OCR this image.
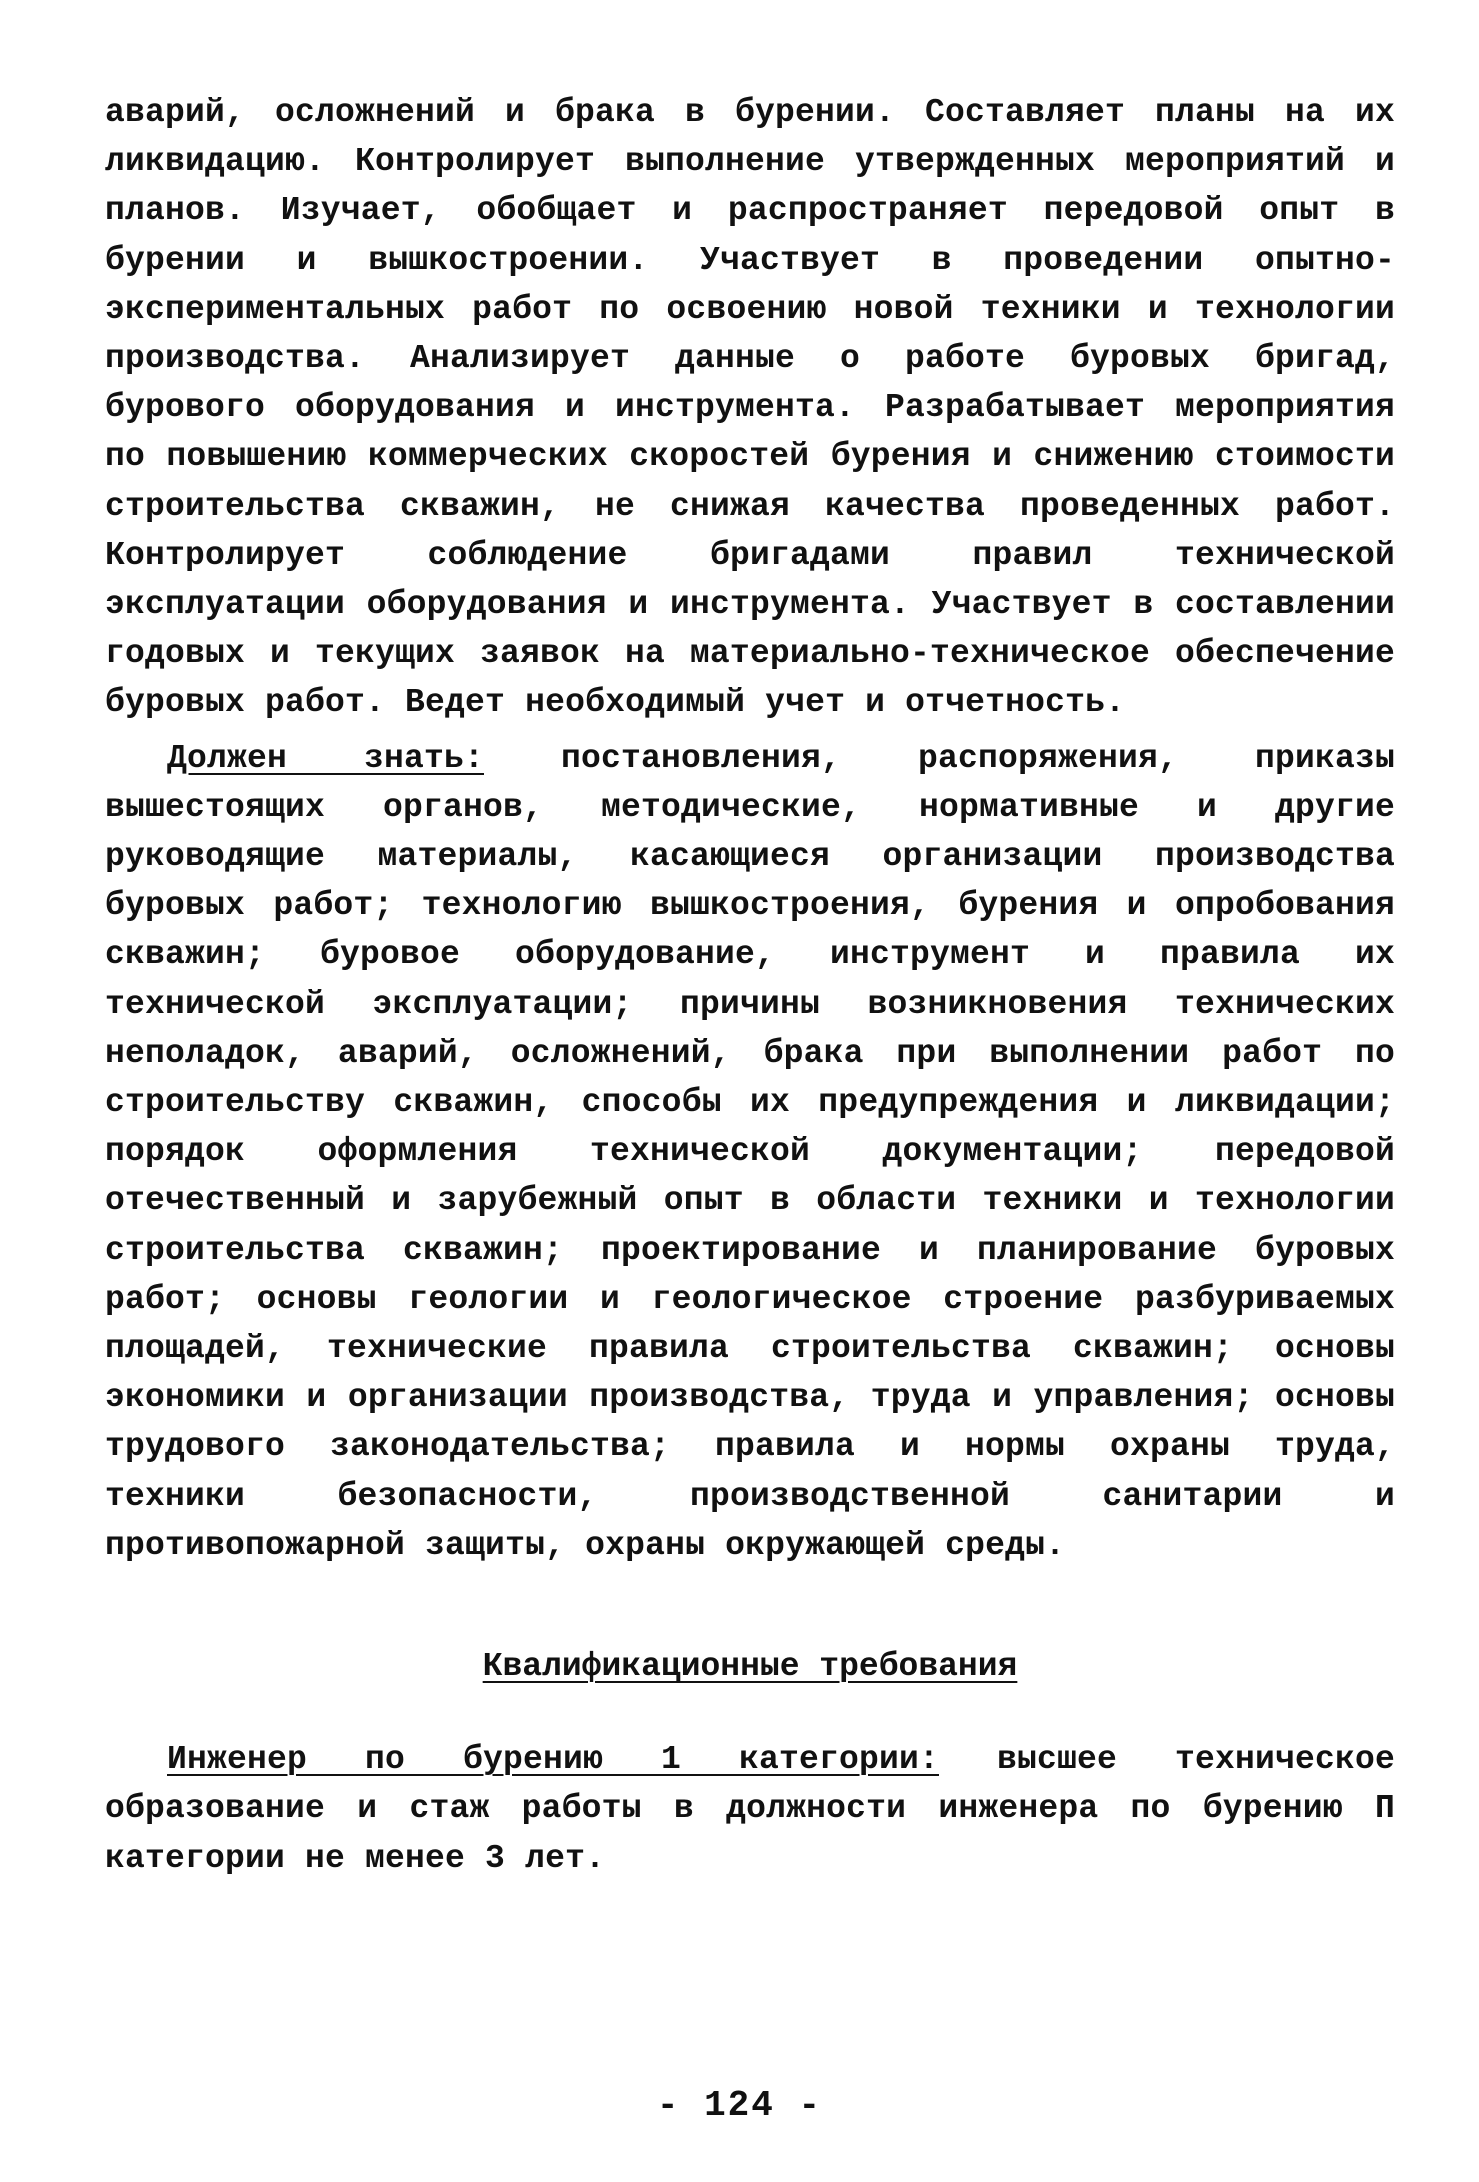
аварий, осложнений и брака в бурении. Составляет планы на их ликвидацию. Контролирует выполнение утвержденных мероприятий и планов. Изучает, обобщает и распространяет передовой опыт в бурении и вышкостроении. Участвует в проведении опытно-экспериментальных работ по освоению новой техники и технологии производства. Анализирует данные о работе буровых бригад, бурового оборудования и инструмента. Разрабатывает мероприятия по повышению коммерческих скоростей бурения и снижению стоимости строительства скважин, не снижая качества проведенных работ. Контролирует соблюдение бригадами правил технической эксплуатации оборудования и инструмента. Участвует в составлении годовых и текущих заявок на материально-техническое обеспечение буровых работ. Ведет необходимый учет и отчетность.

Должен знать: постановления, распоряжения, приказы вышестоящих органов, методические, нормативные и другие руководящие материалы, касающиеся организации производства буровых работ; технологию вышкостроения, бурения и опробования скважин; буровое оборудование, инструмент и правила их технической эксплуатации; причины возникновения технических неполадок, аварий, осложнений, брака при выполнении работ по строительству скважин, способы их предупреждения и ликвидации; порядок оформления технической документации; передовой отечественный и зарубежный опыт в области техники и технологии строительства скважин; проектирование и планирование буровых работ; основы геологии и геологическое строение разбуриваемых площадей, технические правила строительства скважин; основы экономики и организации производства, труда и управления; основы трудового законодательства; правила и нормы охраны труда, техники безопасности, производственной санитарии и противопожарной защиты, охраны окружающей среды.

Квалификационные требования

Инженер по бурению 1 категории: высшее техническое образование и стаж работы в должности инженера по бурению П категории не менее 3 лет.

- 124 -
